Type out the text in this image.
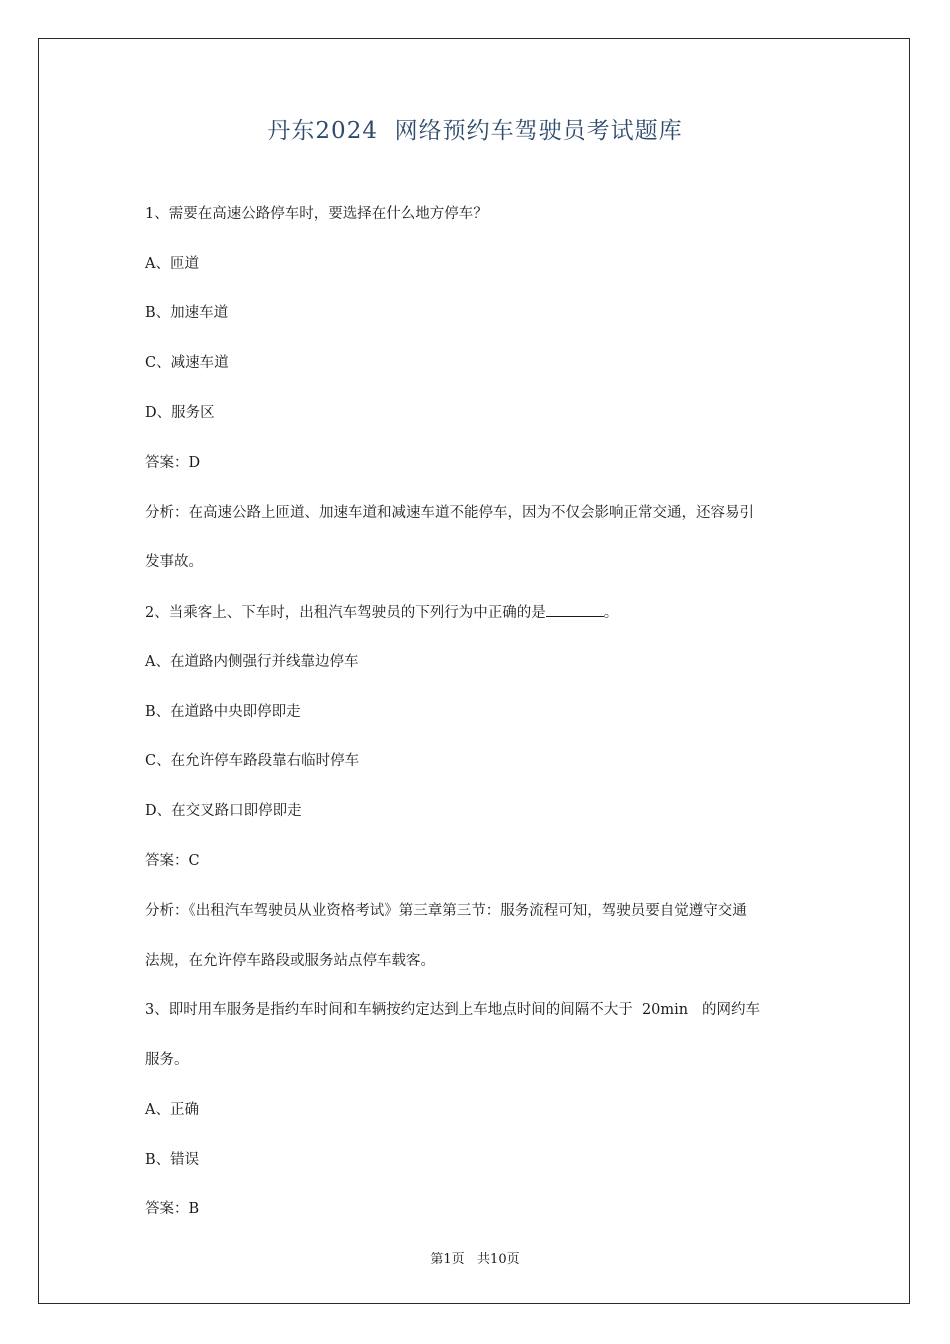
丹东2024  网络预约车驾驶员考试题库

1、需要在高速公路停车时，要选择在什么地方停车？

A、匝道

B、加速车道

C、减速车道

D、服务区

答案：D

分析：在高速公路上匝道、加速车道和减速车道不能停车，因为不仅会影响正常交通，还容易引

发事故。

2、当乘客上、下车时，出租汽车驾驶员的下列行为中正确的是	。

A、在道路内侧强行并线靠边停车

B、在道路中央即停即走

C、在允许停车路段靠右临时停车

D、在交叉路口即停即走

答案：C

分析：《出租汽车驾驶员从业资格考试》第三章第三节：服务流程可知，驾驶员要自觉遵守交通

法规，在允许停车路段或服务站点停车载客。

3、即时用车服务是指约车时间和车辆按约定达到上车地点时间的间隔不大于  20min   的网约车

服务。

A、正确

B、错误

答案：B

第1页   共10页
